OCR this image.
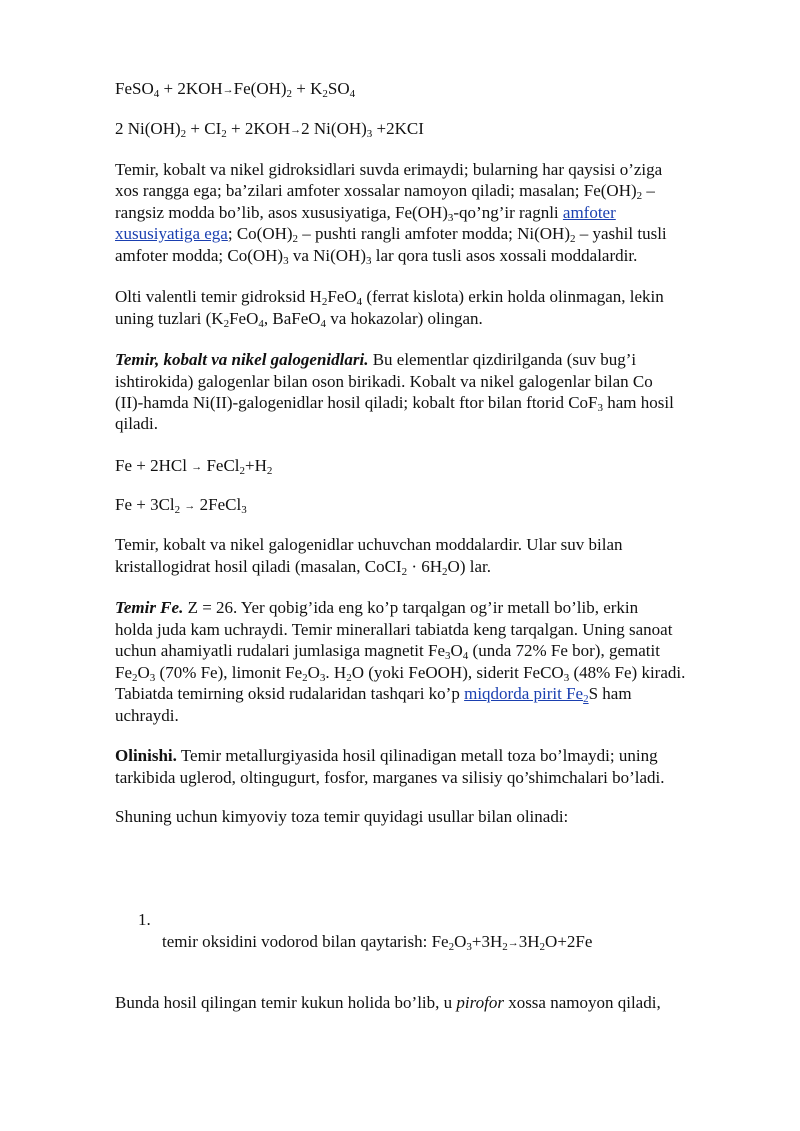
FeSO$_4$ + $2KOH\to Fe(OH)_2 + K_2SO_4$

2 $Ni(OH)_2 + CI_2 + 2KOH\to 2$ $Ni(OH)_3 +2KCI$

Temir, kobalt va nikel gidroksidlari suvda erimaydi; bularning har qaysisi o’ziga

xos rangga ega; ba’zilari amfoter xossalar namoyon qiladi; masalan; $Fe(OH)_2$ –

rangsiz modda bo’lib, asos xususiyatiga, $Fe(OH)_3-qo’ng’ir$ ragnli amfoter

xususiyatiga ega; $Co(OH)_2$ – pushti rangli amfoter modda; $Ni(OH)_2$ – yashil tusli

amfoter modda; $Co(OH)_3$ va $Ni(OH)_3$ lar qora tusli asos xossali moddalardir.

Olti valentli temir gidroksid $H_2FeO_4$ (ferrat kislota) erkin holda olinmagan, lekin

uning tuzlari ($K_2FeO_4$, BaFeO$_4$ va hokazolar) olingan.

Temir, kobalt va nikel galogenidlari. Bu elementlar qizdirilganda (suv bug’i

ishtirokida) galogenlar bilan oson birikadi. Kobalt va nikel galogenlar bilan Co

(II)-hamda Ni(II)-galogenidlar hosil qiladi; kobalt ftor bilan ftorid CoF$_3$ ham hosil

qiladi.

$Fe + 2HCl \to FeCl_2+H_2$

$Fe + 3Cl_2$ → 2FeCl$_3$

Temir, kobalt va nikel galogenidlar uchuvchan moddalardir. Ular suv bilan

kristallogidrat hosil qiladi (masalan, CoCI$_2$ · $6H_2O$) lar.

Temir Fe. Z = 26. Yer qobig’ida eng ko’p tarqalgan og’ir metall bo’lib, erkin

holda juda kam uchraydi. Temir minerallari tabiatda keng tarqalgan. Uning sanoat

uchun ahamiyatli rudalari jumlasiga magnetit $Fe_3O_4$ (unda 72% Fe bor), gematit

$Fe_2O_3$ (70% Fe), limonit $Fe_2O_3$. $H_2O$ (yoki FeOOH), siderit FeCO$_3$ (48% Fe) kiradi.

Tabiatda temirning oksid rudalaridan tashqari ko’p miqdorda pirit $Fe_2S$ ham

uchraydi.

Olinishi. Temir metallurgiyasida hosil qilinadigan metall toza bo’lmaydi; uning

tarkibida uglerod, oltingugurt, fosfor, marganes va silisiy qo’shimchalari bo’ladi.

Shuning uchun kimyoviy toza temir quyidagi usullar bilan olinadi:

1.

temir oksidini vodorod bilan qaytarish: $Fe_2O_3+3H_2\to 3H_2O+2Fe$

Bunda hosil qilingan temir kukun holida bo’lib, u pirofor xossa namoyon qiladi,
